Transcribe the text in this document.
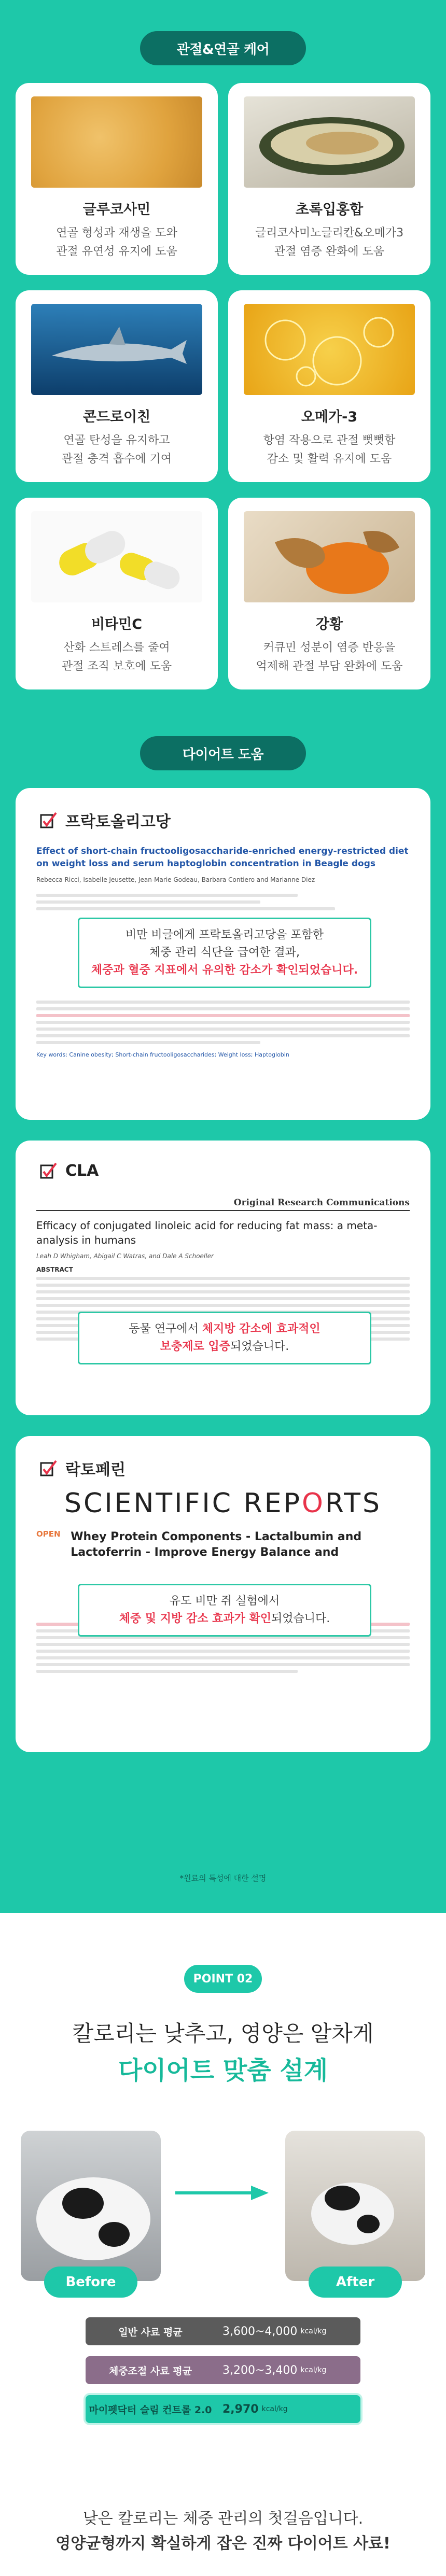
관절&연골 케어
글루코사민
연골 형성과 재생을 도와
관절 유연성 유지에 도움
초록입홍합
글리코사미노글리칸&오메가3
관절 염증 완화에 도움
콘드로이친
연골 탄성을 유지하고
관절 충격 흡수에 기여
오메가-3
항염 작용으로 관절 뻣뻣함
감소 및 활력 유지에 도움
비타민C
산화 스트레스를 줄여
관절 조직 보호에 도움
강황
커큐민 성분이 염증 반응을
억제해 관절 부담 완화에 도움
다이어트 도움
프락토올리고당
Effect of short-chain fructooligosaccharide-enriched energy-restricted diet on weight loss and serum haptoglobin concentration in Beagle dogs
Rebecca Ricci, Isabelle Jeusette, Jean-Marie Godeau, Barbara Contiero and Marianne Diez
Key words: Canine obesity; Short-chain fructooligosaccharides; Weight loss; Haptoglobin
비만 비글에게 프락토올리고당을 포함한
체중 관리 식단을 급여한 결과,
체중과 혈중 지표에서 유의한 감소가 확인되었습니다.
CLA
Original Research Communications
Efficacy of conjugated linoleic acid for reducing fat mass: a meta-analysis in humans
Leah D Whigham, Abigail C Watras, and Dale A Schoeller
ABSTRACT
동물 연구에서 체지방 감소에 효과적인
보충제로 입증되었습니다.
락토페린
SCIENTIFIC REPORTS
OPEN Whey Protein Components - Lactalbumin and Lactoferrin - Improve Energy Balance and
유도 비만 쥐 실험에서
체중 및 지방 감소 효과가 확인되었습니다.
*원료의 특성에 대한 설명
POINT 02
칼로리는 낮추고, 영양은 알차게
다이어트 맞춤 설계
Before	After
일반 사료 평균	3,600~4,000 kcal/kg
체중조절 사료 평균	3,200~3,400 kcal/kg
마이펫닥터 슬림 컨트롤 2.0 2,970 kcal/kg
낮은 칼로리는 체중 관리의 첫걸음입니다.
영양균형까지 확실하게 잡은 진짜 다이어트 사료!
